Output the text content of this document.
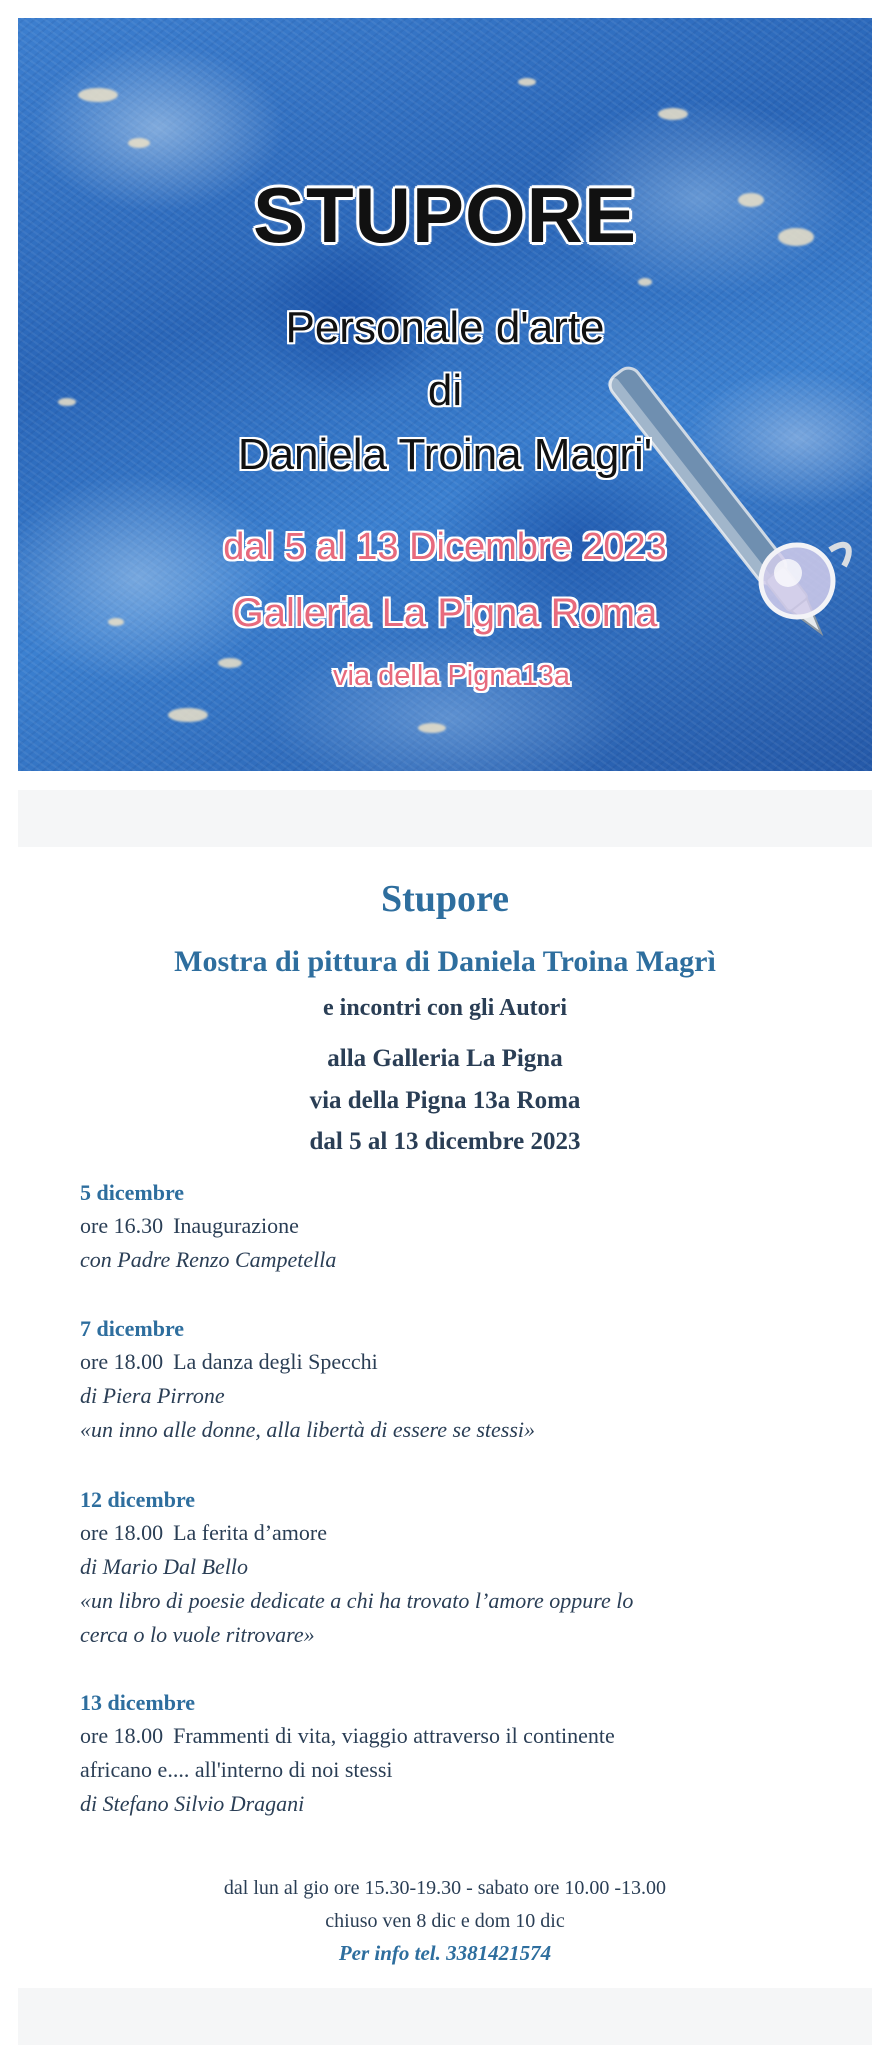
STUPORE
Personale d'arte
di
Daniela Troina Magri'
dal 5 al 13 Dicembre 2023
Galleria La Pigna Roma
via della Pigna13a
Stupore
Mostra di pittura di Daniela Troina Magrì
e incontri con gli Autori
alla Galleria La Pigna
via della Pigna 13a Roma
dal 5 al 13 dicembre 2023
5 dicembre
ore 16.30 Inaugurazione
con Padre Renzo Campetella
7 dicembre
ore 18.00 La danza degli Specchi
di Piera Pirrone
«un inno alle donne, alla libertà di essere se stessi»
12 dicembre
ore 18.00 La ferita d’amore
di Mario Dal Bello
«un libro di poesie dedicate a chi ha trovato l’amore oppure lo
cerca o lo vuole ritrovare»
13 dicembre
ore 18.00 Frammenti di vita, viaggio attraverso il continente
africano e.... all'interno di noi stessi
di Stefano Silvio Dragani
dal lun al gio ore 15.30-19.30 - sabato ore 10.00 -13.00
chiuso ven 8 dic e dom 10 dic
Per info tel. 3381421574
